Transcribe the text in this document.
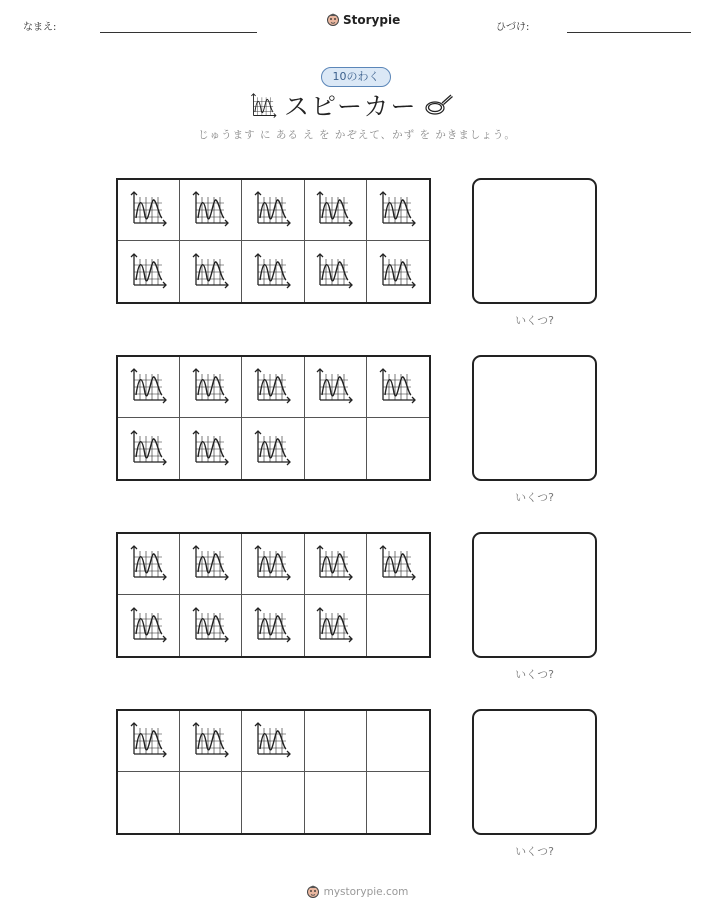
なまえ:
Storypie
ひづけ:
10のわく
スピーカー
じゅうます に ある え を かぞえて、かず を かきましょう。
いくつ?
いくつ?
いくつ?
いくつ?
mystorypie.com
